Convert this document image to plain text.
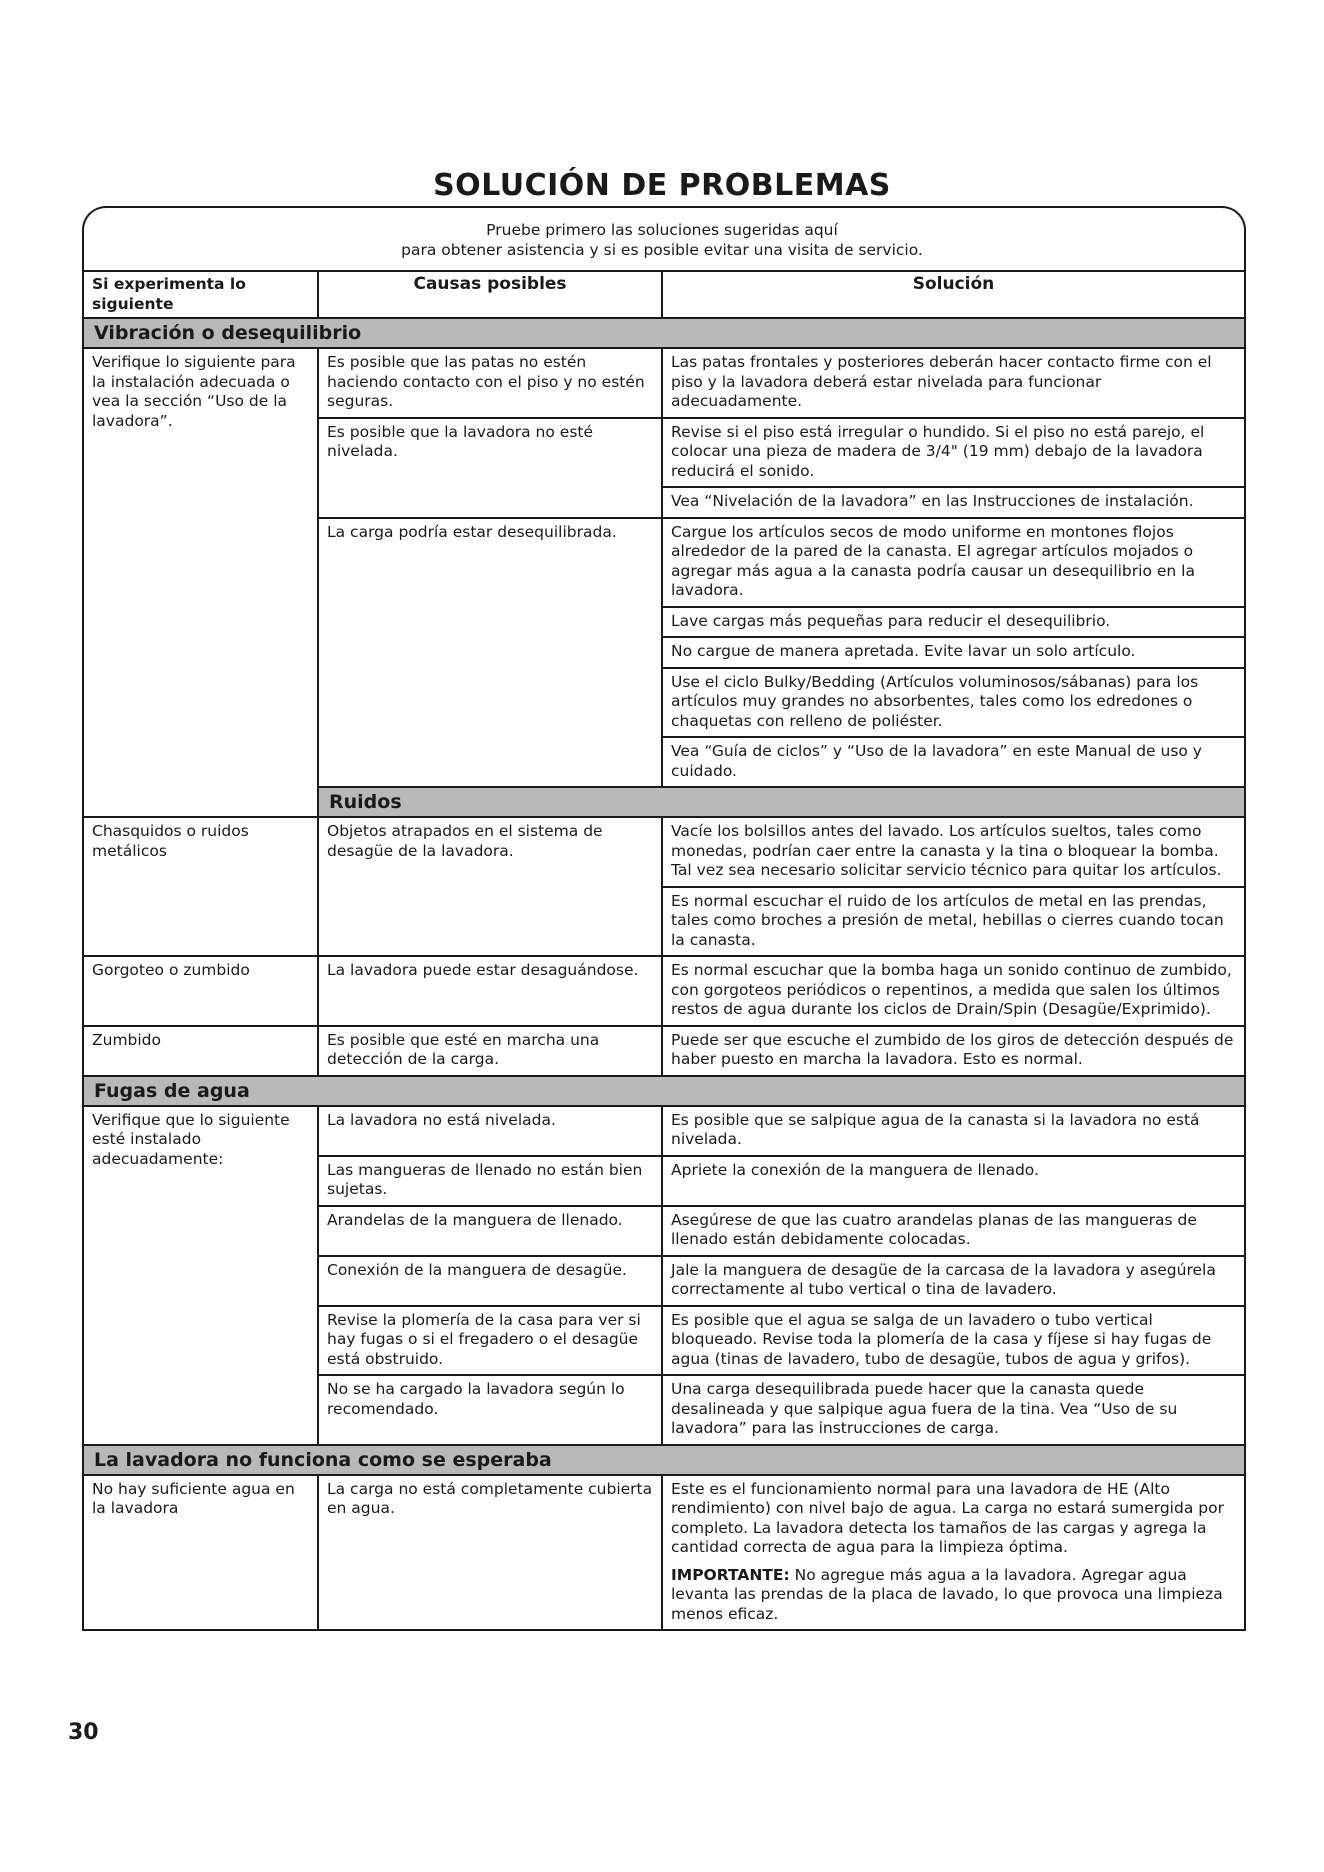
SOLUCIÓN DE PROBLEMAS
Pruebe primero las soluciones sugeridas aquí
para obtener asistencia y si es posible evitar una visita de servicio.
Si experimenta lo siguiente	Causas posibles	Solución
Vibración o desequilibrio		
Verifique lo siguiente para la instalación adecuada o vea la sección “Uso de la lavadora”.	Es posible que las patas no estén haciendo contacto con el piso y no estén seguras.	Las patas frontales y posteriores deberán hacer contacto firme con el piso y la lavadora deberá estar nivelada para funcionar adecuadamente.
	Es posible que la lavadora no esté nivelada.	Revise si el piso está irregular o hundido. Si el piso no está parejo, el colocar una pieza de madera de 3/4" (19 mm) debajo de la lavadora reducirá el sonido.
		Vea “Nivelación de la lavadora” en las Instrucciones de instalación.
	La carga podría estar desequilibrada.	Cargue los artículos secos de modo uniforme en montones flojos alrededor de la pared de la canasta. El agregar artículos mojados o agregar más agua a la canasta podría causar un desequilibrio en la lavadora.
		Lave cargas más pequeñas para reducir el desequilibrio.
		No cargue de manera apretada. Evite lavar un solo artículo.
		Use el ciclo Bulky/Bedding (Artículos voluminosos/sábanas) para los artículos muy grandes no absorbentes, tales como los edredones o chaquetas con relleno de poliéster.
		Vea “Guía de ciclos” y “Uso de la lavadora” en este Manual de uso y cuidado.
	Ruidos	
Chasquidos o ruidos metálicos	Objetos atrapados en el sistema de desagüe de la lavadora.	Vacíe los bolsillos antes del lavado. Los artículos sueltos, tales como monedas, podrían caer entre la canasta y la tina o bloquear la bomba. Tal vez sea necesario solicitar servicio técnico para quitar los artículos.
		Es normal escuchar el ruido de los artículos de metal en las prendas, tales como broches a presión de metal, hebillas o cierres cuando tocan la canasta.
Gorgoteo o zumbido	La lavadora puede estar desaguándose.	Es normal escuchar que la bomba haga un sonido continuo de zumbido, con gorgoteos periódicos o repentinos, a medida que salen los últimos restos de agua durante los ciclos de Drain/Spin (Desagüe/Exprimido).
Zumbido	Es posible que esté en marcha una detección de la carga.	Puede ser que escuche el zumbido de los giros de detección después de haber puesto en marcha la lavadora. Esto es normal.
Fugas de agua		
Verifique que lo siguiente esté instalado adecuadamente:	La lavadora no está nivelada.	Es posible que se salpique agua de la canasta si la lavadora no está nivelada.
	Las mangueras de llenado no están bien sujetas.	Apriete la conexión de la manguera de llenado.
	Arandelas de la manguera de llenado.	Asegúrese de que las cuatro arandelas planas de las mangueras de llenado están debidamente colocadas.
	Conexión de la manguera de desagüe.	Jale la manguera de desagüe de la carcasa de la lavadora y asegúrela correctamente al tubo vertical o tina de lavadero.
	Revise la plomería de la casa para ver si hay fugas o si el fregadero o el desagüe está obstruido.	Es posible que el agua se salga de un lavadero o tubo vertical bloqueado. Revise toda la plomería de la casa y fíjese si hay fugas de agua (tinas de lavadero, tubo de desagüe, tubos de agua y grifos).
	No se ha cargado la lavadora según lo recomendado.	Una carga desequilibrada puede hacer que la canasta quede desalineada y que salpique agua fuera de la tina. Vea “Uso de su lavadora” para las instrucciones de carga.
La lavadora no funciona como se esperaba		
No hay suficiente agua en la lavadora	La carga no está completamente cubierta en agua.	Este es el funcionamiento normal para una lavadora de HE (Alto rendimiento) con nivel bajo de agua. La carga no estará sumergida por completo. La lavadora detecta los tamaños de las cargas y agrega la cantidad correcta de agua para la limpieza óptima.
IMPORTANTE: No agregue más agua a la lavadora. Agregar agua levanta las prendas de la placa de lavado, lo que provoca una limpieza menos eficaz.
30
